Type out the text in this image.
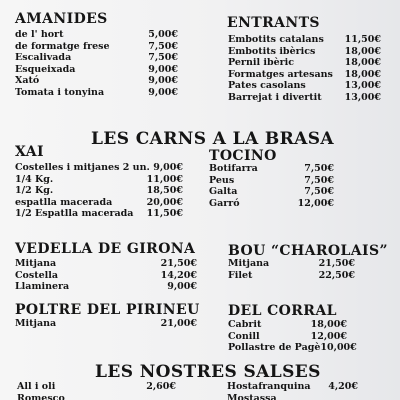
AMANIDES
de l' hort	5,00€
de formatge frese	7,50€
Escalivada	7,50€
Esqueixada	9,00€
Xató	9,00€
Tomata i tonyina	9,00€
ENTRANTS
Embotits catalans 11,50€
Embotits ibèrics	18,00€
Pernil ibèric	18,00€
Formatges artesans 18,00€
Pates casolans	13,00€
Barrejat i divertit 13,00€
LES CARNS A LA BRASA
XAI
Costelles i mitjanes 2 un. 9,00€
1/4 Kg.	11,00€
1/2 Kg.	18,50€
espatlla macerada	20,00€
1/2 Espatlla macerada 11,50€
TOCINO
Botifarra	7,50€
Peus	7,50€
Galta	7,50€
Garró	12,00€
VEDELLA DE GIRONA
Mitjana	21,50€
Costella	14,20€
Llaminera	9,00€
BOU “CHAROLAIS”
Mitjana	21,50€
Filet	22,50€
POLTRE DEL PIRINEU
Mitjana	21,00€
DEL CORRAL
Cabrit	18,00€
Conill	12,00€
Pollastre de Pagè 10,00€
LES NOSTRES SALSES
All i oli	2,60€
Romesco
Hostafranquina 4,20€
Mostassa
